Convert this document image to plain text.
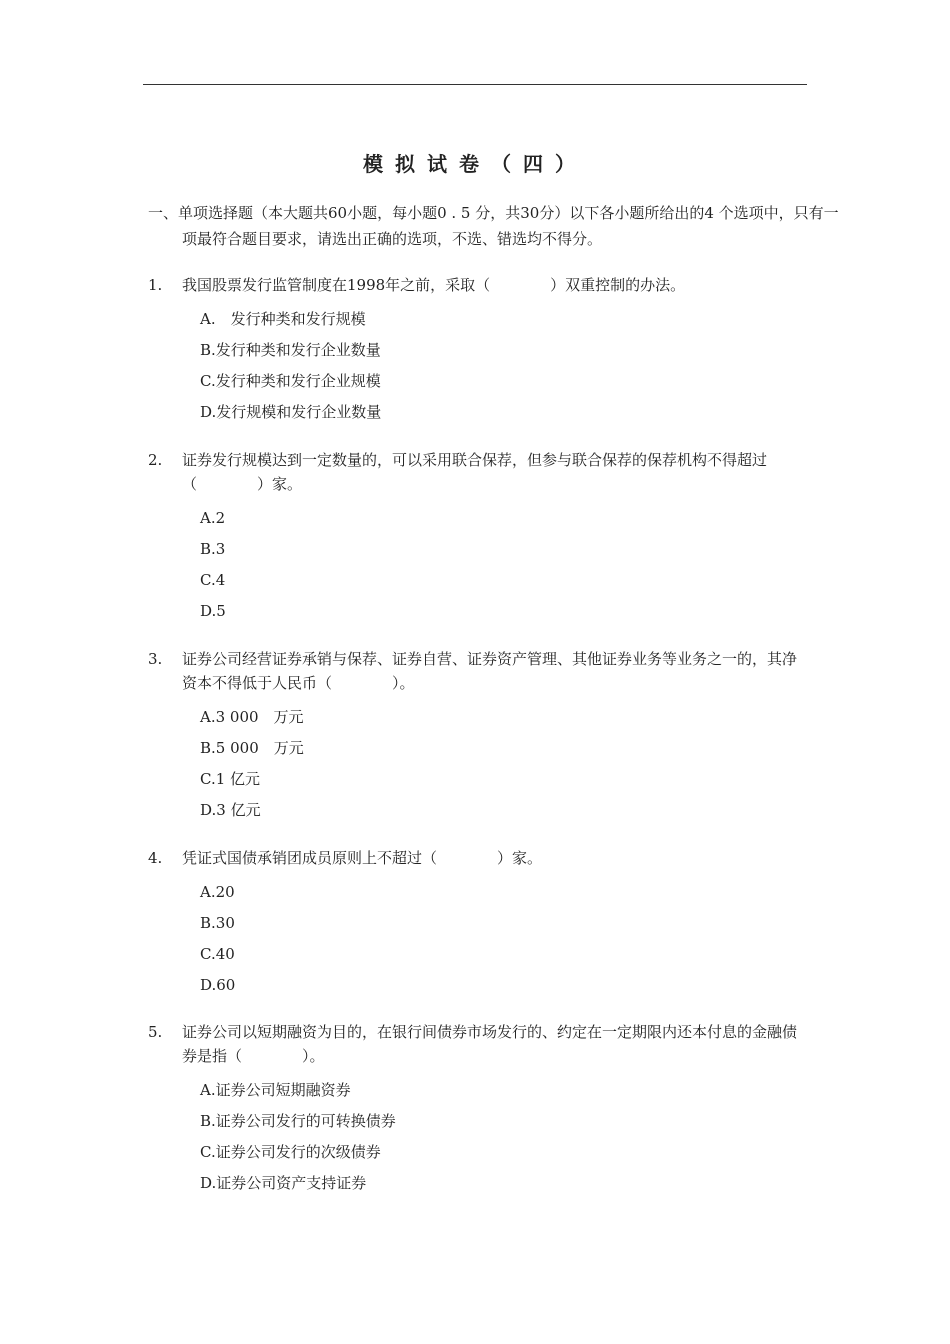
模拟试卷（四）
一、单项选择题（本大题共60小题，每小题0 . 5 分，共30分）以下各小题所给出的4 个选项中，只有一项最符合题目要求，请选出正确的选项，不选、错选均不得分。
1. 我国股票发行监管制度在1998年之前，采取（　　　　）双重控制的办法。
A.　发行种类和发行规模
B.发行种类和发行企业数量
C.发行种类和发行企业规模
D.发行规模和发行企业数量
2. 证券发行规模达到一定数量的，可以采用联合保荐，但参与联合保荐的保荐机构不得超过（　　　　）家。
A.2
B.3
C.4
D.5
3. 证券公司经营证券承销与保荐、证券自营、证券资产管理、其他证券业务等业务之一的，其净资本不得低于人民币（　　　　）。
A.3 000　万元
B.5 000　万元
C.1 亿元
D.3 亿元
4. 凭证式国债承销团成员原则上不超过（　　　　）家。
A.20
B.30
C.40
D.60
5. 证券公司以短期融资为目的，在银行间债券市场发行的、约定在一定期限内还本付息的金融债券是指（　　　　）。
A.证券公司短期融资券
B.证券公司发行的可转换债券
C.证券公司发行的次级债券
D.证券公司资产支持证券
